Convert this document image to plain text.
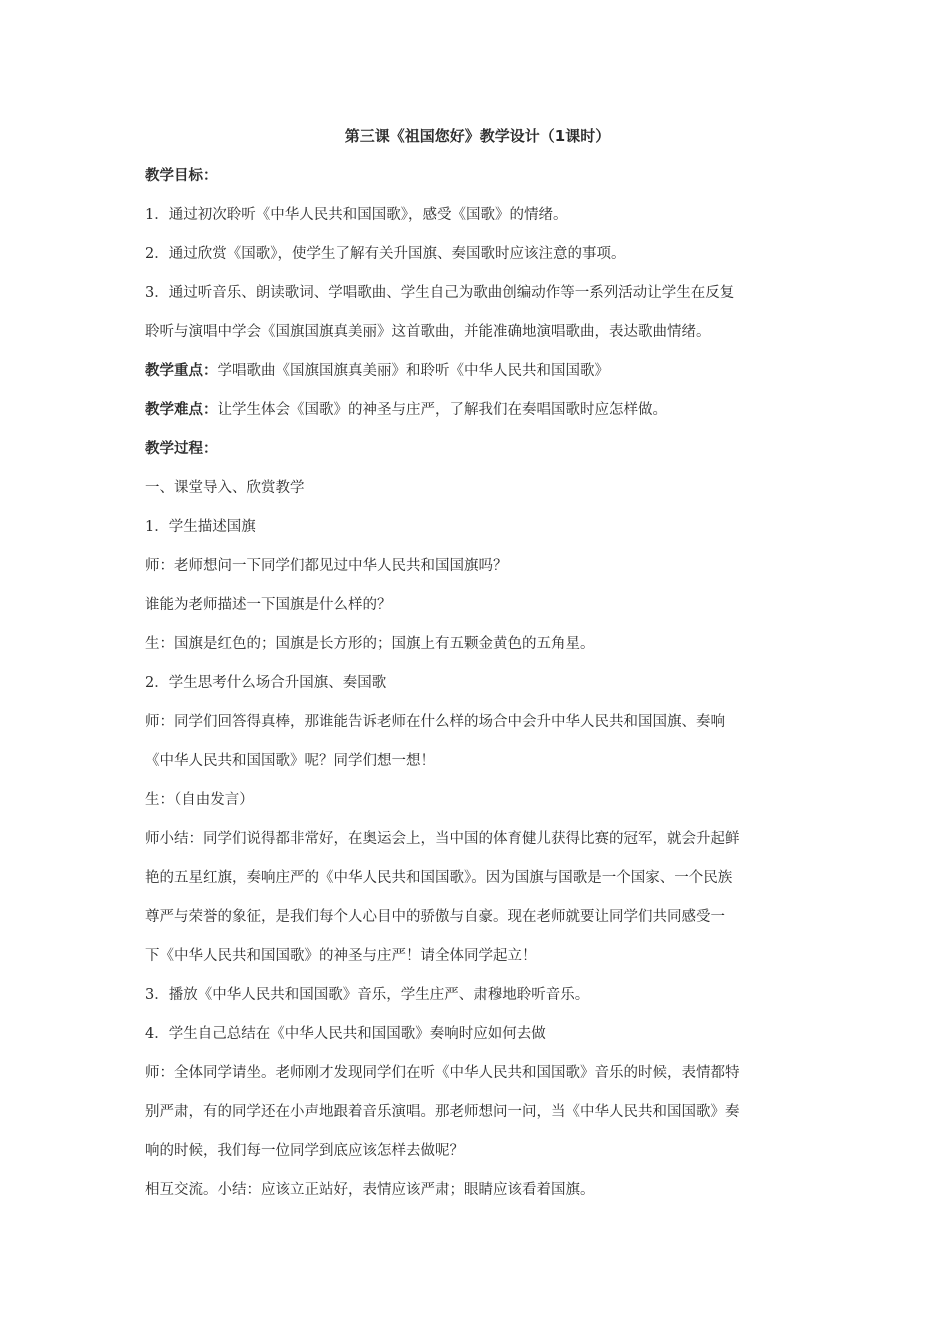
第三课《祖国您好》教学设计（1课时）
教学目标：
1．通过初次聆听《中华人民共和国国歌》，感受《国歌》的情绪。
2．通过欣赏《国歌》，使学生了解有关升国旗、奏国歌时应该注意的事项。
3．通过听音乐、朗读歌词、学唱歌曲、学生自己为歌曲创编动作等一系列活动让学生在反复
聆听与演唱中学会《国旗国旗真美丽》这首歌曲，并能准确地演唱歌曲，表达歌曲情绪。
教学重点：学唱歌曲《国旗国旗真美丽》和聆听《中华人民共和国国歌》
教学难点：让学生体会《国歌》的神圣与庄严，了解我们在奏唱国歌时应怎样做。
教学过程：
一、课堂导入、欣赏教学
1．学生描述国旗
师：老师想问一下同学们都见过中华人民共和国国旗吗？
谁能为老师描述一下国旗是什么样的？
生：国旗是红色的；国旗是长方形的；国旗上有五颗金黄色的五角星。
2．学生思考什么场合升国旗、奏国歌
师：同学们回答得真棒，那谁能告诉老师在什么样的场合中会升中华人民共和国国旗、奏响
《中华人民共和国国歌》呢？同学们想一想！
生：（自由发言）
师小结：同学们说得都非常好，在奥运会上，当中国的体育健儿获得比赛的冠军，就会升起鲜
艳的五星红旗，奏响庄严的《中华人民共和国国歌》。因为国旗与国歌是一个国家、一个民族
尊严与荣誉的象征，是我们每个人心目中的骄傲与自豪。现在老师就要让同学们共同感受一
下《中华人民共和国国歌》的神圣与庄严！请全体同学起立！
3．播放《中华人民共和国国歌》音乐，学生庄严、肃穆地聆听音乐。
4．学生自己总结在《中华人民共和国国歌》奏响时应如何去做
师：全体同学请坐。老师刚才发现同学们在听《中华人民共和国国歌》音乐的时候，表情都特
别严肃，有的同学还在小声地跟着音乐演唱。那老师想问一问，当《中华人民共和国国歌》奏
响的时候，我们每一位同学到底应该怎样去做呢？
相互交流。小结：应该立正站好，表情应该严肃；眼睛应该看着国旗。
